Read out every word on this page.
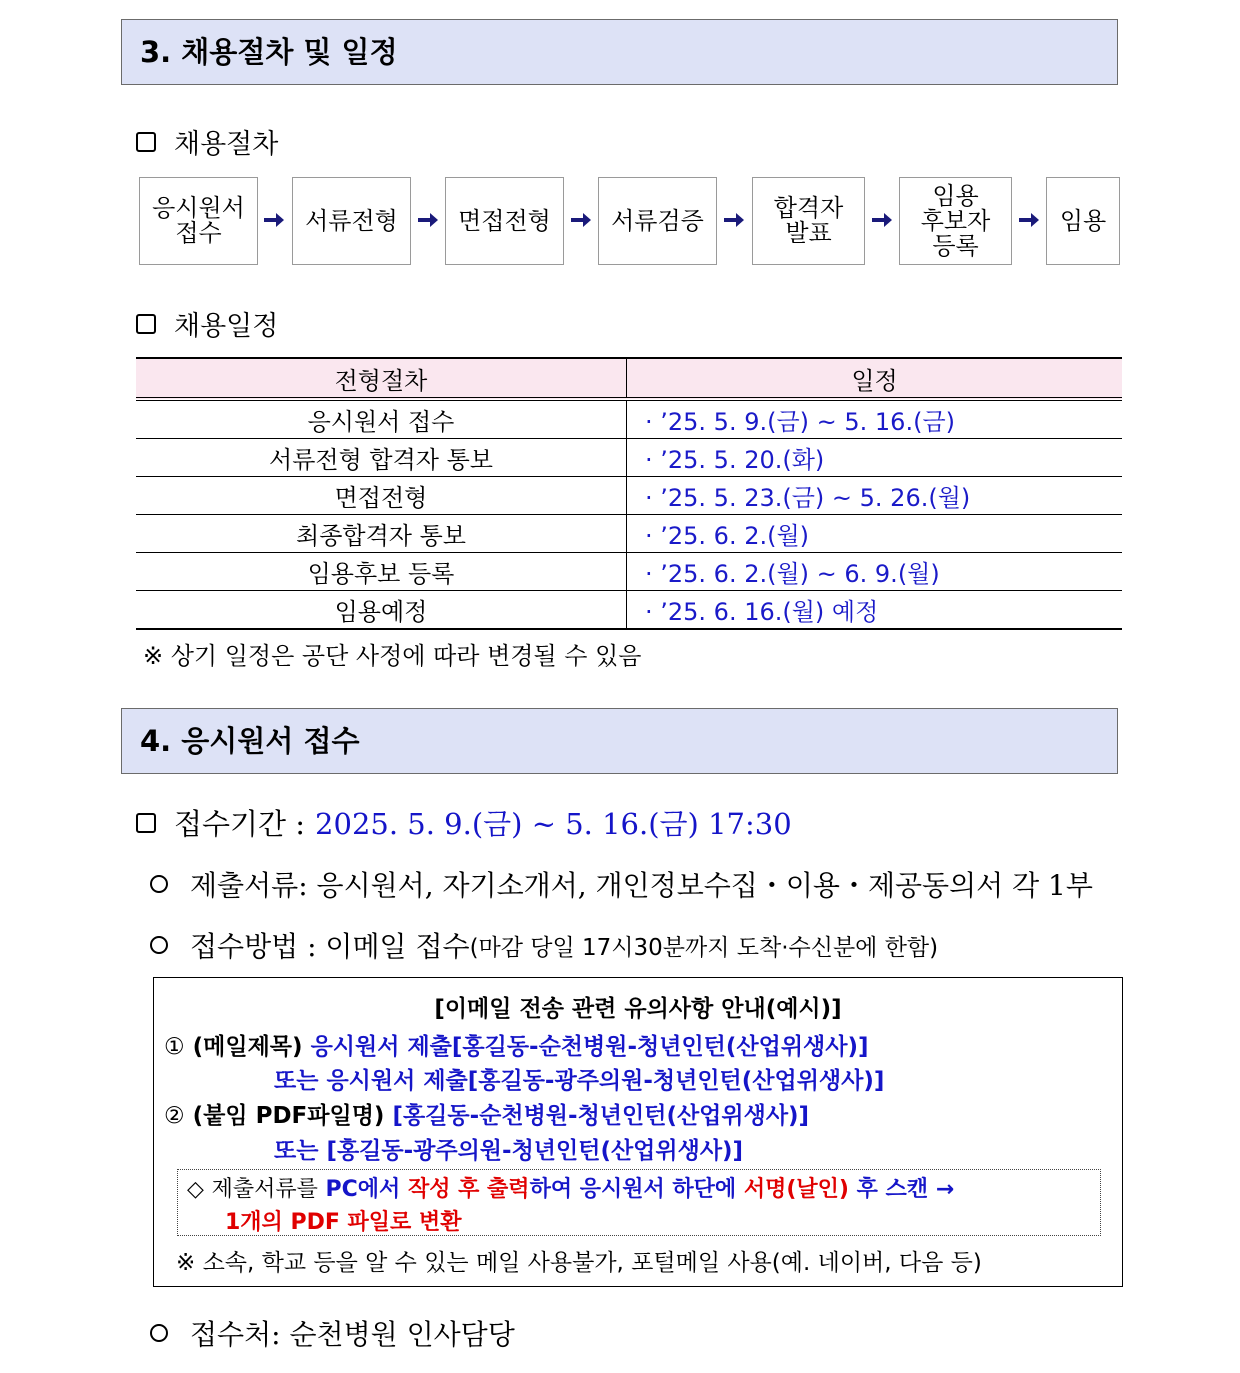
3. 채용절차 및 일정
채용절차
응시원서
접수	서류전형	면접전형	서류검증	합격자
발표
임용
후보자
등록
임용
채용일정
전형절차	일정
응시원서 접수	· ’25. 5. 9.(금) ~ 5. 16.(금)
서류전형 합격자 통보	· ’25. 5. 20.(화)
면접전형	· ’25. 5. 23.(금) ~ 5. 26.(월)
최종합격자 통보	· ’25. 6. 2.(월)
임용후보 등록	· ’25. 6. 2.(월) ~ 6. 9.(월)
임용예정	· ’25. 6. 16.(월) 예정
※ 상기 일정은 공단 사정에 따라 변경될 수 있음
4. 응시원서 접수
접수기간 : 2025. 5. 9.(금) ~ 5. 16.(금) 17:30
제출서류: 응시원서, 자기소개서, 개인정보수집・이용・제공동의서 각 1부
접수방법 : 이메일 접수 (마감 당일 17시30분까지 도착·수신분에 한함)
[이메일 전송 관련 유의사항 안내(예시)]
① (메일제목) 응시원서 제출[홍길동-순천병원-청년인턴(산업위생사)]
또는 응시원서 제출[홍길동-광주의원-청년인턴(산업위생사)]
② (붙임 PDF파일명) [홍길동-순천병원-청년인턴(산업위생사)]
또는 [홍길동-광주의원-청년인턴(산업위생사)]
◇ 제출서류를 PC에서 작성 후 출력하여 응시원서 하단에 서명(날인) 후 스캔 →
1개의 PDF 파일로 변환
※ 소속, 학교 등을 알 수 있는 메일 사용불가, 포털메일 사용(예. 네이버, 다음 등)
접수처: 순천병원 인사담당
